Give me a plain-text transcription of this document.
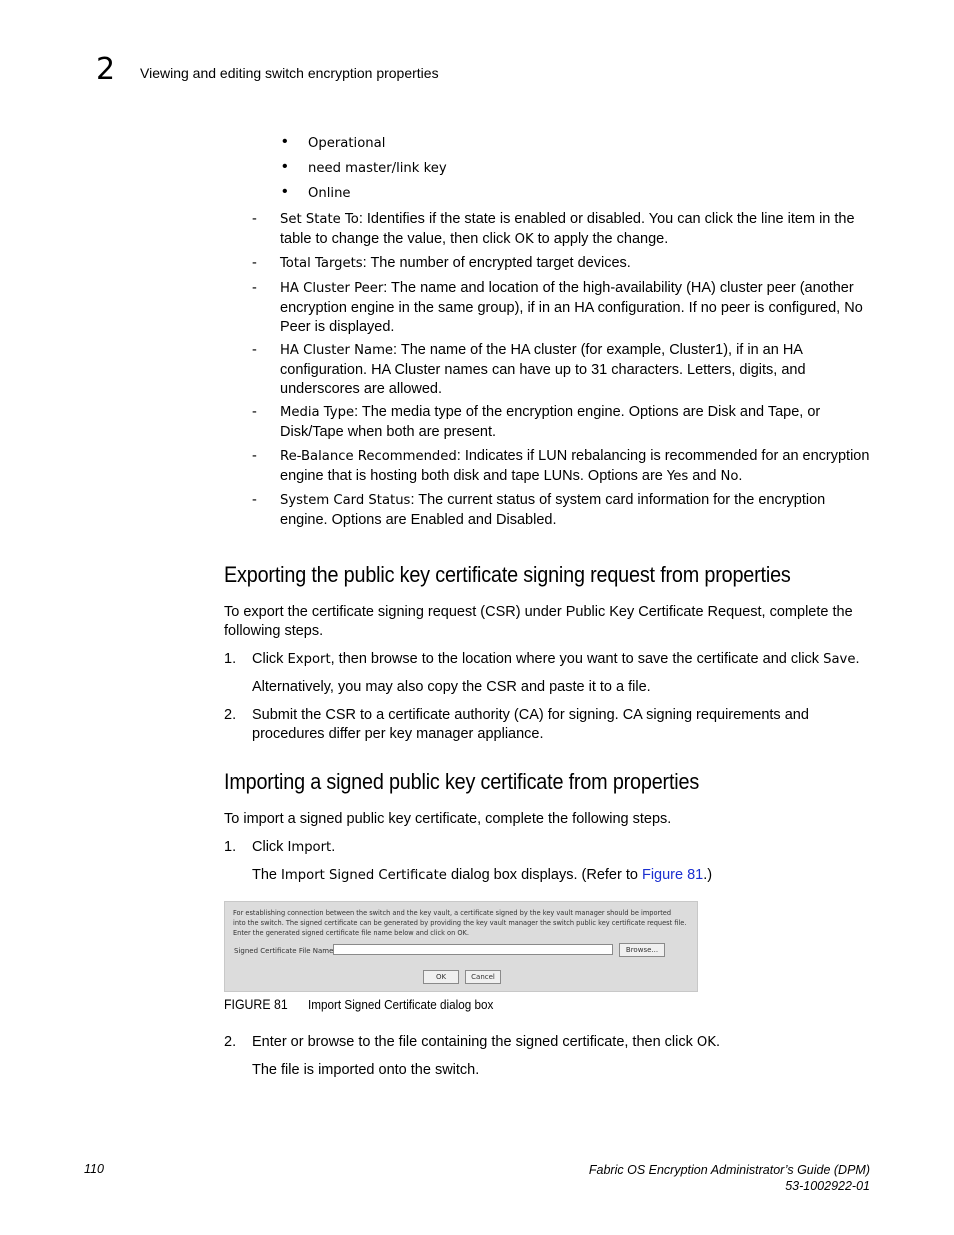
2 Viewing and editing switch encryption properties
• Operational
• need master/link key
• Online
- Set State To: Identifies if the state is enabled or disabled. You can click the line item in the table to change the value, then click OK to apply the change.
- Total Targets: The number of encrypted target devices.
- HA Cluster Peer: The name and location of the high-availability (HA) cluster peer (another encryption engine in the same group), if in an HA configuration. If no peer is configured, No Peer is displayed.
- HA Cluster Name: The name of the HA cluster (for example, Cluster1), if in an HA configuration. HA Cluster names can have up to 31 characters. Letters, digits, and underscores are allowed.
- Media Type: The media type of the encryption engine. Options are Disk and Tape, or Disk/Tape when both are present.
- Re-Balance Recommended: Indicates if LUN rebalancing is recommended for an encryption engine that is hosting both disk and tape LUNs. Options are Yes and No.
- System Card Status: The current status of system card information for the encryption engine. Options are Enabled and Disabled.
Exporting the public key certificate signing request from properties
To export the certificate signing request (CSR) under Public Key Certificate Request, complete the following steps.
1. Click Export, then browse to the location where you want to save the certificate and click Save.
Alternatively, you may also copy the CSR and paste it to a file.
2. Submit the CSR to a certificate authority (CA) for signing. CA signing requirements and procedures differ per key manager appliance.
Importing a signed public key certificate from properties
To import a signed public key certificate, complete the following steps.
1. Click Import.
The Import Signed Certificate dialog box displays. (Refer to Figure 81.)
For establishing connection between the switch and the key vault, a certificate signed by the key vault manager should be imported
into the switch. The signed certificate can be generated by providing the key vault manager the switch public key certificate request file.
Enter the generated signed certificate file name below and click on OK.
Signed Certificate File Name	Browse...
OK	Cancel
FIGURE 81 Import Signed Certificate dialog box
2. Enter or browse to the file containing the signed certificate, then click OK.
The file is imported onto the switch.
110	Fabric OS Encryption Administrator’s Guide (DPM)
53-1002922-01
